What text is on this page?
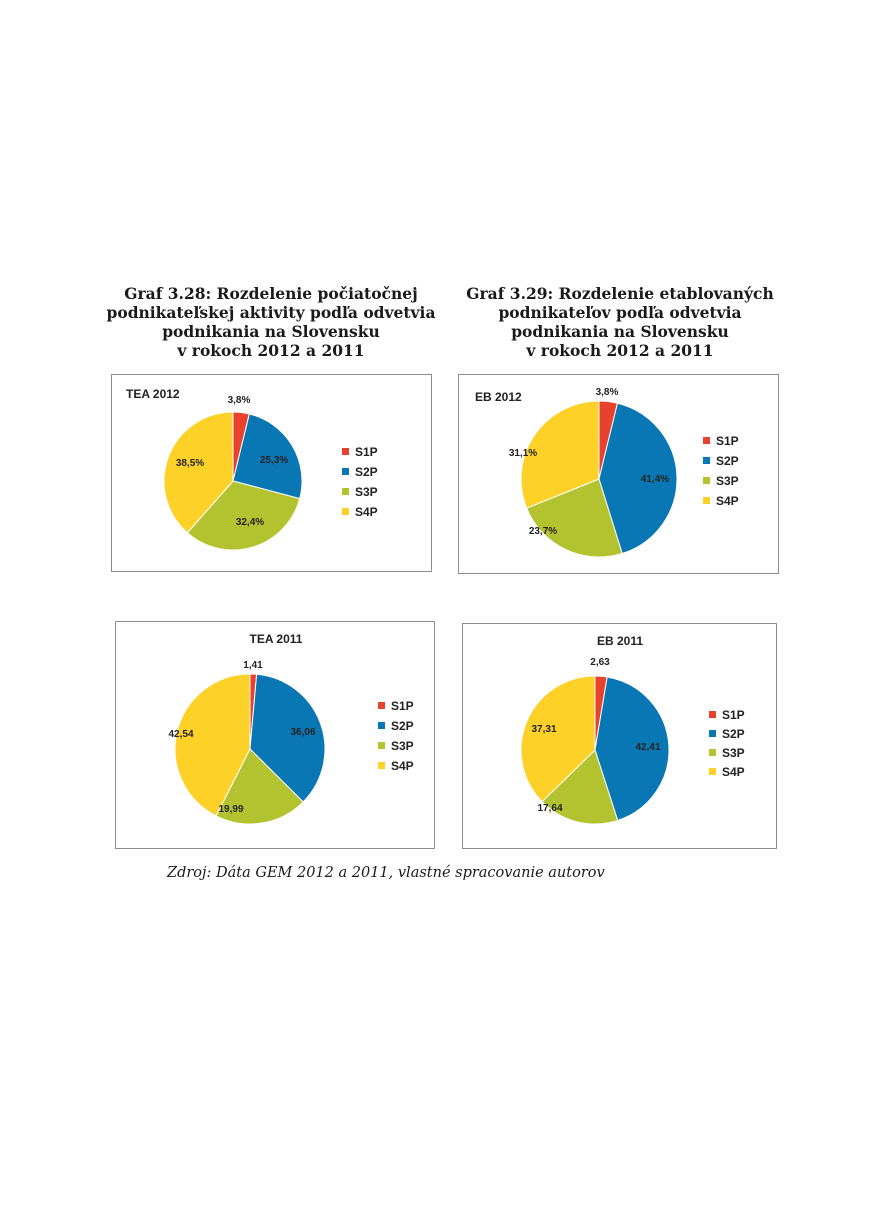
Graf 3.28: Rozdelenie počiatočnej
podnikateľskej aktivity podľa odvetvia
podnikania na Slovensku
v rokoch 2012 a 2011
Graf 3.29: Rozdelenie etablovaných
podnikateľov podľa odvetvia
podnikania na Slovensku
v rokoch 2012 a 2011
TEA 2012	3,8%
25,3%
32,4%
38,5%
S1P
S2P
S3P
S4P
EB 2012	3,8%
41,4%
23,7%
31,1%
S1P
S2P
S3P
S4P
TEA 2011
1,41
36,06
19,99
42,54
S1P
S2P
S3P
S4P
EB 2011
2,63
42,41
17,64
37,31
S1P
S2P
S3P
S4P
Zdroj: Dáta GEM 2012 a 2011, vlastné spracovanie autorov
